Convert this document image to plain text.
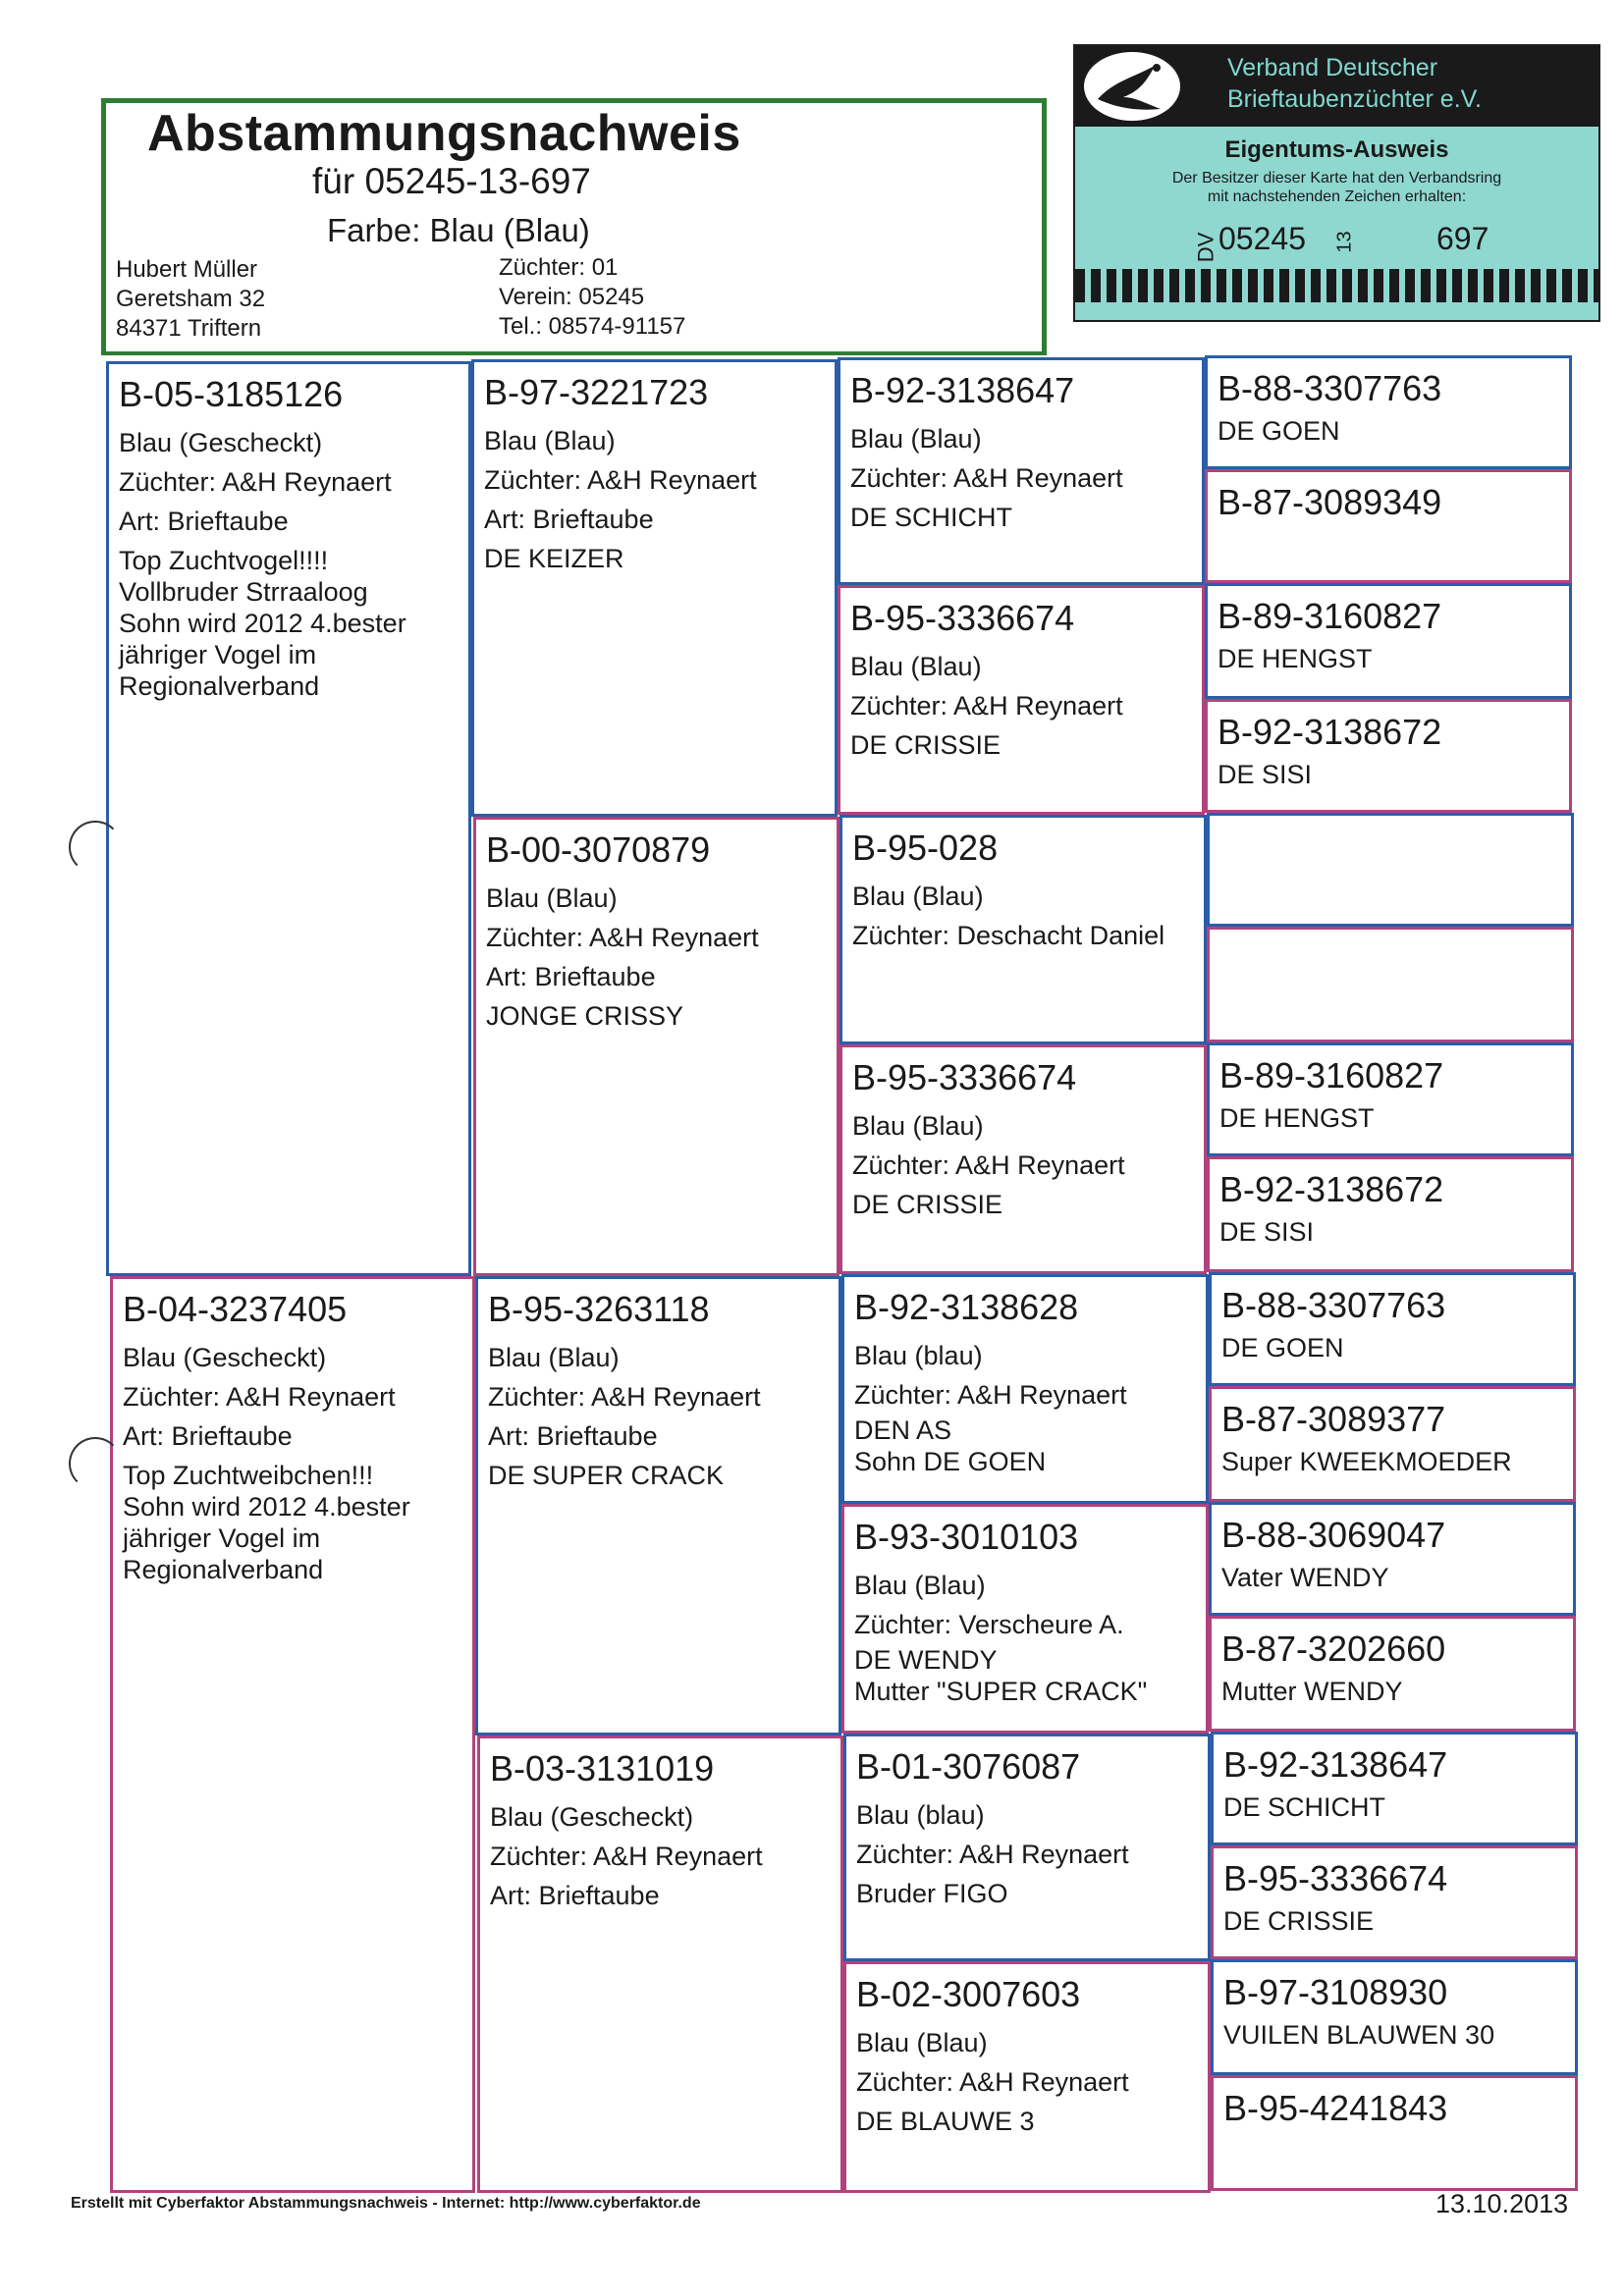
Abstammungsnachweis
für 05245-13-697
Farbe: Blau (Blau)
Hubert Müller
Geretsham 32
84371 Triftern
Züchter: 01
Verein: 05245
Tel.: 08574-91157
Verband Deutscher
Brieftaubenzüchter e.V.
Eigentums-Ausweis
Der Besitzer dieser Karte hat den Verbandsring
mit nachstehenden Zeichen erhalten:
DV 05245 13	697
B-05-3185126
Blau (Gescheckt)
Züchter: A&H Reynaert
Art: Brieftaube
Top Zuchtvogel!!!!
Vollbruder Strraaloog
Sohn wird 2012 4.bester
jähriger Vogel im
Regionalverband
B-04-3237405
Blau (Gescheckt)
Züchter: A&H Reynaert
Art: Brieftaube
Top Zuchtweibchen!!!
Sohn wird 2012 4.bester
jähriger Vogel im
Regionalverband
B-97-3221723
Blau (Blau)
Züchter: A&H Reynaert
Art: Brieftaube
DE KEIZER
B-00-3070879
Blau (Blau)
Züchter: A&H Reynaert
Art: Brieftaube
JONGE CRISSY
B-95-3263118
Blau (Blau)
Züchter: A&H Reynaert
Art: Brieftaube
DE SUPER CRACK
B-03-3131019
Blau (Gescheckt)
Züchter: A&H Reynaert
Art: Brieftaube
B-92-3138647
Blau (Blau)
Züchter: A&H Reynaert
DE SCHICHT
B-95-3336674
Blau (Blau)
Züchter: A&H Reynaert
DE CRISSIE
B-95-028
Blau (Blau)
Züchter: Deschacht Daniel
B-95-3336674
Blau (Blau)
Züchter: A&H Reynaert
DE CRISSIE
B-92-3138628
Blau (blau)
Züchter: A&H Reynaert
DEN AS
Sohn DE GOEN
B-93-3010103
Blau (Blau)
Züchter: Verscheure A.
DE WENDY
Mutter "SUPER CRACK"
B-01-3076087
Blau (blau)
Züchter: A&H Reynaert
Bruder FIGO
B-02-3007603
Blau (Blau)
Züchter: A&H Reynaert
DE BLAUWE 3
B-88-3307763
DE GOEN
B-87-3089349
B-89-3160827
DE HENGST
B-92-3138672
DE SISI
B-89-3160827
DE HENGST
B-92-3138672
DE SISI
B-88-3307763
DE GOEN
B-87-3089377
Super KWEEKMOEDER
B-88-3069047
Vater WENDY
B-87-3202660
Mutter WENDY
B-92-3138647
DE SCHICHT
B-95-3336674
DE CRISSIE
B-97-3108930
VUILEN BLAUWEN 30
B-95-4241843
Erstellt mit Cyberfaktor Abstammungsnachweis - Internet: http://www.cyberfaktor.de	13.10.2013
